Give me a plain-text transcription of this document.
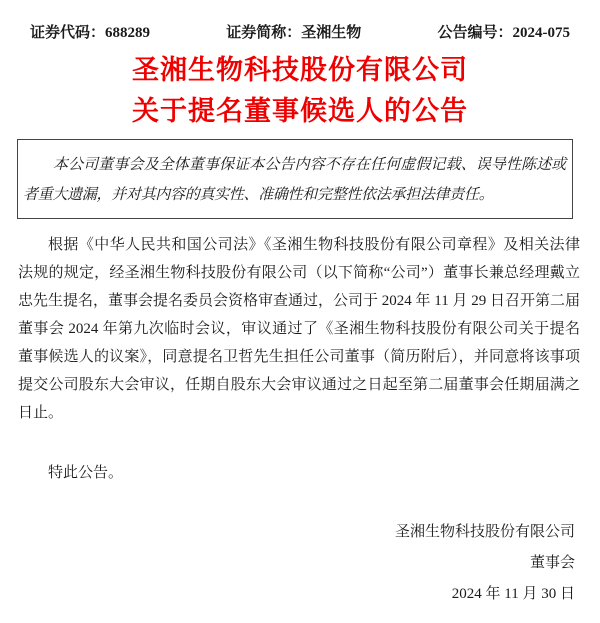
证券代码：688289	证券简称：圣湘生物	公告编号：2024-075
圣湘生物科技股份有限公司
关于提名董事候选人的公告

本公司董事会及全体董事保证本公告内容不存在任何虚假记载、误导性陈述或者重大遗漏，并对其内容的真实性、准确性和完整性依法承担法律责任。

根据《中华人民共和国公司法》《圣湘生物科技股份有限公司章程》及相关法律法规的规定，经圣湘生物科技股份有限公司（以下简称“公司”）董事长兼总经理戴立忠先生提名，董事会提名委员会资格审查通过，公司于 2024 年 11 月 29 日召开第二届董事会 2024 年第九次临时会议，审议通过了《圣湘生物科技股份有限公司关于提名董事候选人的议案》，同意提名卫哲先生担任公司董事（简历附后），并同意将该事项提交公司股东大会审议，任期自股东大会审议通过之日起至第二届董事会任期届满之日止。

特此公告。

圣湘生物科技股份有限公司
董事会
2024 年 11 月 30 日
